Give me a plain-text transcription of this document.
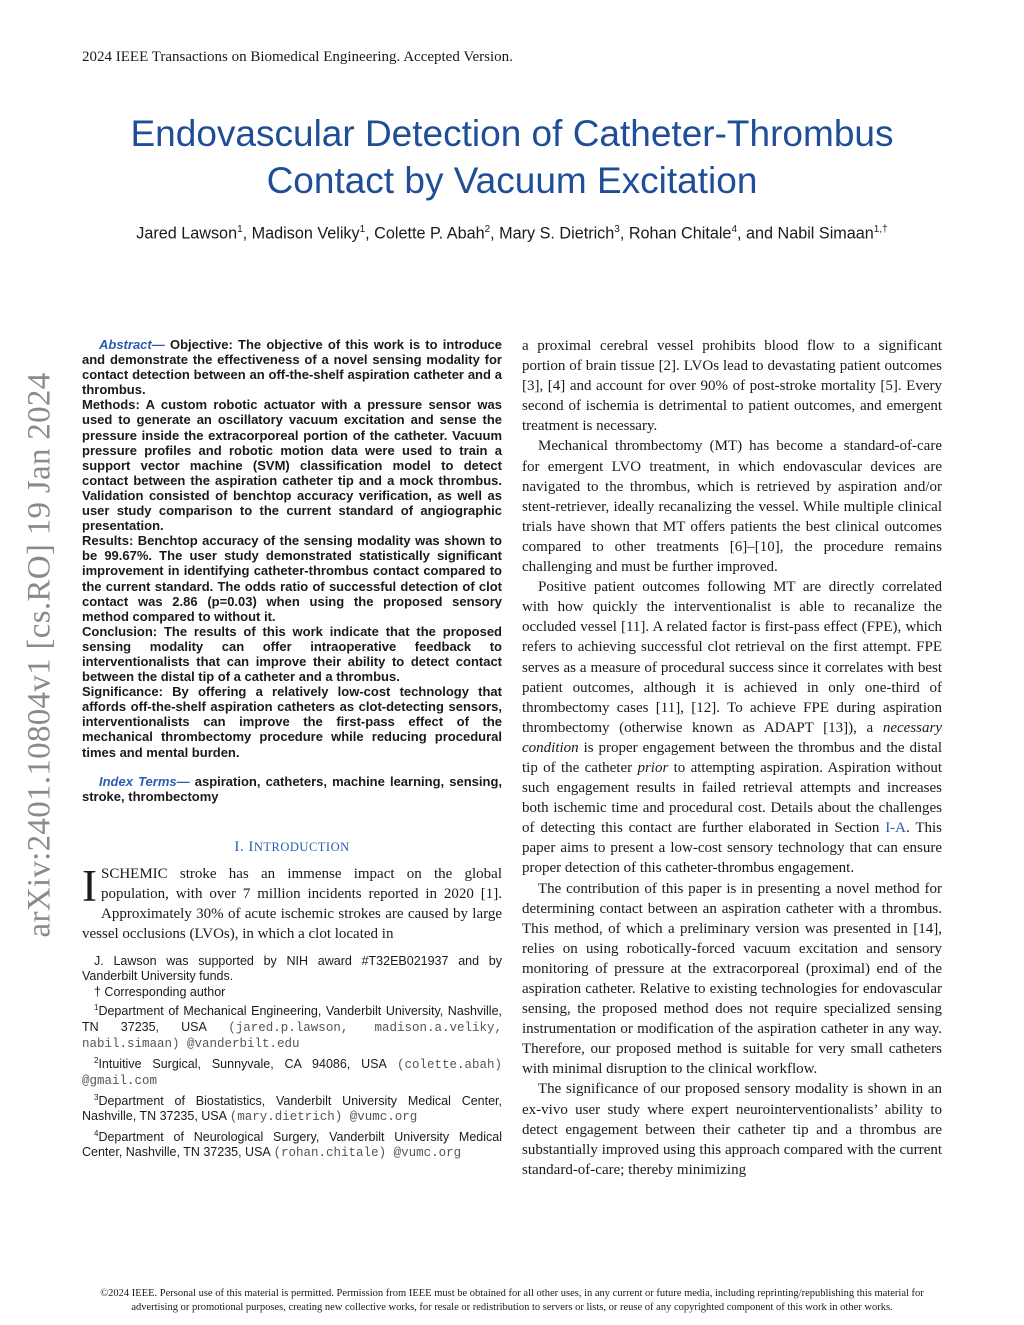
2024 IEEE Transactions on Biomedical Engineering. Accepted Version.
Endovascular Detection of Catheter-Thrombus
Contact by Vacuum Excitation
Jared Lawson$^1$, Madison Veliky$^1$, Colette P. Abah$^2$, Mary S. Dietrich$^3$, Rohan Chitale$^4$, and Nabil Simaan$^{1,\dagger}$
arXiv:2401.10804v1 [cs.RO] 19 Jan 2024
Abstract— Objective: The objective of this work is to introduce and demonstrate the effectiveness of a novel sensing modality for contact detection between an off-the-shelf aspiration catheter and a thrombus.
Methods: A custom robotic actuator with a pressure sensor was used to generate an oscillatory vacuum excitation and sense the pressure inside the extracorporeal portion of the catheter. Vacuum pressure profiles and robotic motion data were used to train a support vector machine (SVM) classification model to detect contact between the aspiration catheter tip and a mock thrombus. Validation consisted of benchtop accuracy verification, as well as user study comparison to the current standard of angiographic presentation.
Results: Benchtop accuracy of the sensing modality was shown to be 99.67%. The user study demonstrated statistically significant improvement in identifying catheter-thrombus contact compared to the current standard. The odds ratio of successful detection of clot contact was 2.86 (p=0.03) when using the proposed sensory method compared to without it.
Conclusion: The results of this work indicate that the proposed sensing modality can offer intraoperative feedback to interventionalists that can improve their ability to detect contact between the distal tip of a catheter and a thrombus.
Significance: By offering a relatively low-cost technology that affords off-the-shelf aspiration catheters as clot-detecting sensors, interventionalists can improve the first-pass effect of the mechanical thrombectomy procedure while reducing procedural times and mental burden.
Index Terms— aspiration, catheters, machine learning, sensing, stroke, thrombectomy
I. INTRODUCTION

ISCHEMIC stroke has an immense impact on the global population, with over 7 million incidents reported in 2020 [1]. Approximately 30% of acute ischemic strokes are caused by large vessel occlusions (LVOs), in which a clot located in

J. Lawson was supported by NIH award #T32EB021937 and by Vanderbilt University funds.

† Corresponding author

$^1$Department of Mechanical Engineering, Vanderbilt University, Nashville, TN 37235, USA (jared.p.lawson, madison.a.veliky, nabil.simaan) @vanderbilt.edu

$^2$Intuitive Surgical, Sunnyvale, CA 94086, USA (colette.abah) @gmail.com

$^3$Department of Biostatistics, Vanderbilt University Medical Center, Nashville, TN 37235, USA (mary.dietrich) @vumc.org

$^4$Department of Neurological Surgery, Vanderbilt University Medical Center, Nashville, TN 37235, USA (rohan.chitale) @vumc.org

a proximal cerebral vessel prohibits blood flow to a significant portion of brain tissue [2]. LVOs lead to devastating patient outcomes [3], [4] and account for over 90% of post-stroke mortality [5]. Every second of ischemia is detrimental to patient outcomes, and emergent treatment is necessary.

Mechanical thrombectomy (MT) has become a standard-of-care for emergent LVO treatment, in which endovascular devices are navigated to the thrombus, which is retrieved by aspiration and/or stent-retriever, ideally recanalizing the vessel. While multiple clinical trials have shown that MT offers patients the best clinical outcomes compared to other treatments [6]–[10], the procedure remains challenging and must be further improved.

Positive patient outcomes following MT are directly correlated with how quickly the interventionalist is able to recanalize the occluded vessel [11]. A related factor is first-pass effect (FPE), which refers to achieving successful clot retrieval on the first attempt. FPE serves as a measure of procedural success since it correlates with best patient outcomes, although it is achieved in only one-third of thrombectomy cases [11], [12]. To achieve FPE during aspiration thrombectomy (otherwise known as ADAPT [13]), a necessary condition is proper engagement between the thrombus and the distal tip of the catheter prior to attempting aspiration. Aspiration without such engagement results in failed retrieval attempts and increases both ischemic time and procedural cost. Details about the challenges of detecting this contact are further elaborated in Section I-A. This paper aims to present a low-cost sensory technology that can ensure proper detection of this catheter-thrombus engagement.

The contribution of this paper is in presenting a novel method for determining contact between an aspiration catheter with a thrombus. This method, of which a preliminary version was presented in [14], relies on using robotically-forced vacuum excitation and sensory monitoring of pressure at the extracorporeal (proximal) end of the aspiration catheter. Relative to existing technologies for endovascular sensing, the proposed method does not require specialized sensing instrumentation or modification of the aspiration catheter in any way. Therefore, our proposed method is suitable for very small catheters with minimal disruption to the clinical workflow.

The significance of our proposed sensory modality is shown in an ex-vivo user study where expert neurointerventionalists’ ability to detect engagement between their catheter tip and a thrombus are substantially improved using this approach compared with the current standard-of-care; thereby minimizing

©2024 IEEE. Personal use of this material is permitted. Permission from IEEE must be obtained for all other uses, in any current or future media, including reprinting/republishing this material for advertising or promotional purposes, creating new collective works, for resale or redistribution to servers or lists, or reuse of any copyrighted component of this work in other works.
